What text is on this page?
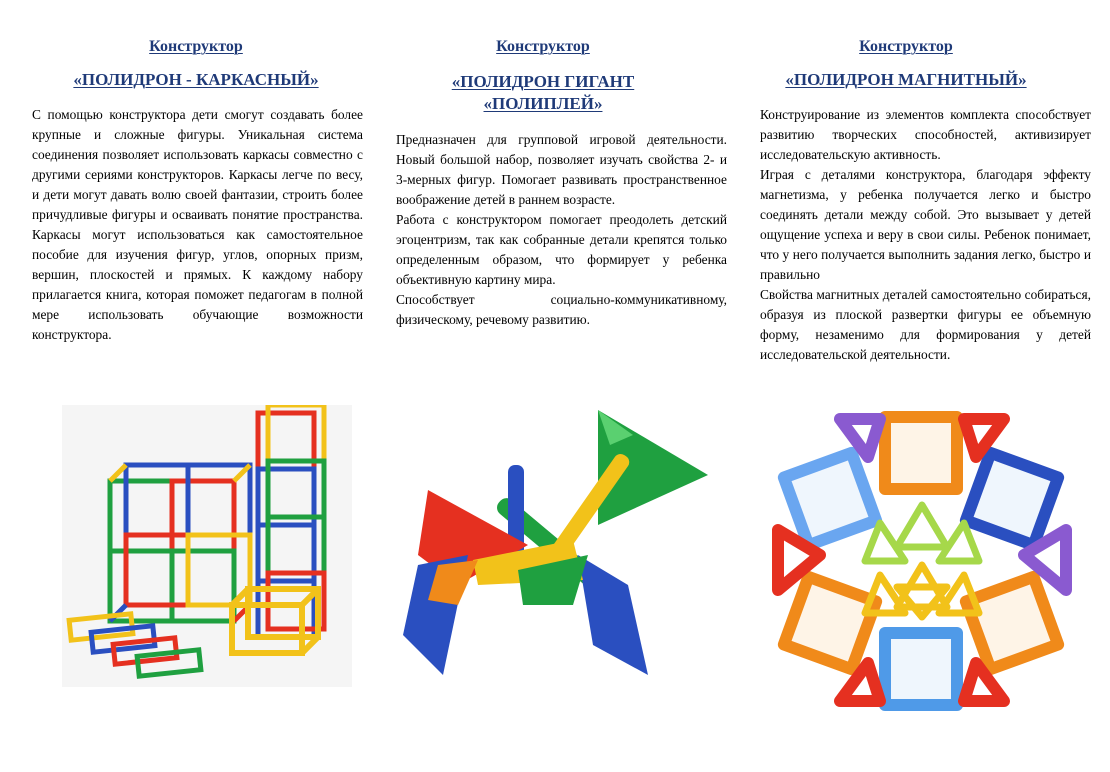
Конструктор
«ПОЛИДРОН - КАРКАСНЫЙ»

С помощью конструктора дети смогут создавать более крупные и сложные фигуры. Уникальная система соединения позволяет использовать каркасы совместно с другими сериями конструкторов. Каркасы легче по весу, и дети могут давать волю своей фантазии, строить более причудливые фигуры и осваивать понятие пространства. Каркасы могут использоваться как самостоятельное пособие для изучения фигур, углов, опорных призм, вершин, плоскостей и прямых. К каждому набору прилагается книга, которая поможет педагогам в полной мере использовать обучающие возможности конструктора.

Конструктор
«ПОЛИДРОН ГИГАНТ
«ПОЛИПЛЕЙ»

Предназначен для групповой игровой деятельности. Новый большой набор, позволяет изучать свойства 2- и 3-мерных фигур. Помогает развивать пространственное воображение детей в раннем возрасте.

Работа с конструктором помогает преодолеть детский эгоцентризм, так как собранные детали крепятся только определенным образом, что формирует у ребенка объективную картину мира.

Способствует социально-коммуникативному, физическому, речевому развитию.

Конструктор
«ПОЛИДРОН МАГНИТНЫЙ»

Конструирование из элементов комплекта способствует развитию творческих способностей, активизирует исследовательскую активность.

Играя с деталями конструктора, благодаря эффекту магнетизма, у ребенка получается легко и быстро соединять детали между собой. Это вызывает у детей ощущение успеха и веру в свои силы. Ребенок понимает, что у него получается выполнить задания легко, быстро и правильно

Свойства магнитных деталей самостоятельно собираться, образуя из плоской развертки фигуры ее объемную форму, незаменимо для формирования у детей исследовательской деятельности.
